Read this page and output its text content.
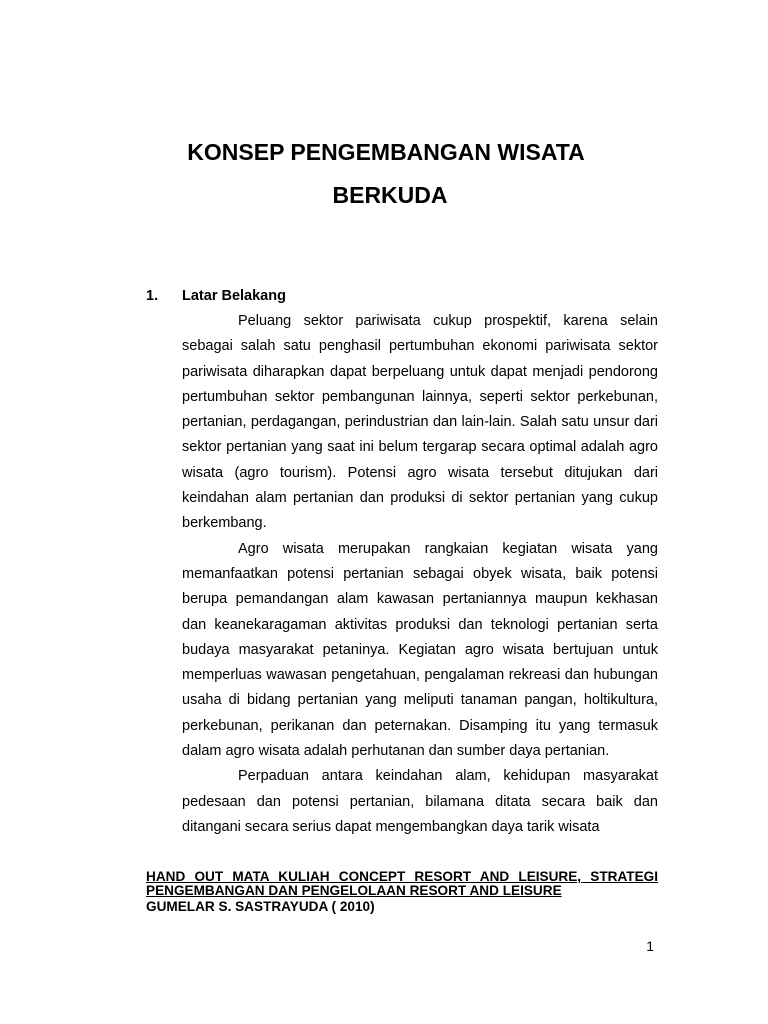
KONSEP PENGEMBANGAN WISATA
BERKUDA
1. Latar Belakang

Peluang sektor pariwisata cukup prospektif, karena selain sebagai salah satu penghasil pertumbuhan ekonomi pariwisata sektor pariwisata diharapkan dapat berpeluang untuk dapat menjadi pendorong pertumbuhan sektor pembangunan lainnya, seperti sektor perkebunan, pertanian, perdagangan, perindustrian dan lain-lain. Salah satu unsur dari sektor pertanian yang saat ini belum tergarap secara optimal adalah agro wisata (agro tourism). Potensi agro wisata tersebut ditujukan dari keindahan alam pertanian dan produksi di sektor pertanian yang cukup berkembang.

Agro wisata merupakan rangkaian kegiatan wisata yang memanfaatkan potensi pertanian sebagai obyek wisata, baik potensi berupa pemandangan alam kawasan pertaniannya maupun kekhasan dan keanekaragaman aktivitas produksi dan teknologi pertanian serta budaya masyarakat petaninya. Kegiatan agro wisata bertujuan untuk memperluas wawasan pengetahuan, pengalaman rekreasi dan hubungan usaha di bidang pertanian yang meliputi tanaman pangan, holtikultura, perkebunan, perikanan dan peternakan. Disamping itu yang termasuk dalam agro wisata adalah perhutanan dan sumber daya pertanian.

Perpaduan antara keindahan alam, kehidupan masyarakat pedesaan dan potensi pertanian, bilamana ditata secara baik dan ditangani secara serius dapat mengembangkan daya tarik wisata

HAND OUT MATA KULIAH CONCEPT RESORT AND LEISURE, STRATEGI PENGEMBANGAN DAN PENGELOLAAN RESORT AND LEISURE
GUMELAR S. SASTRAYUDA ( 2010)
1
